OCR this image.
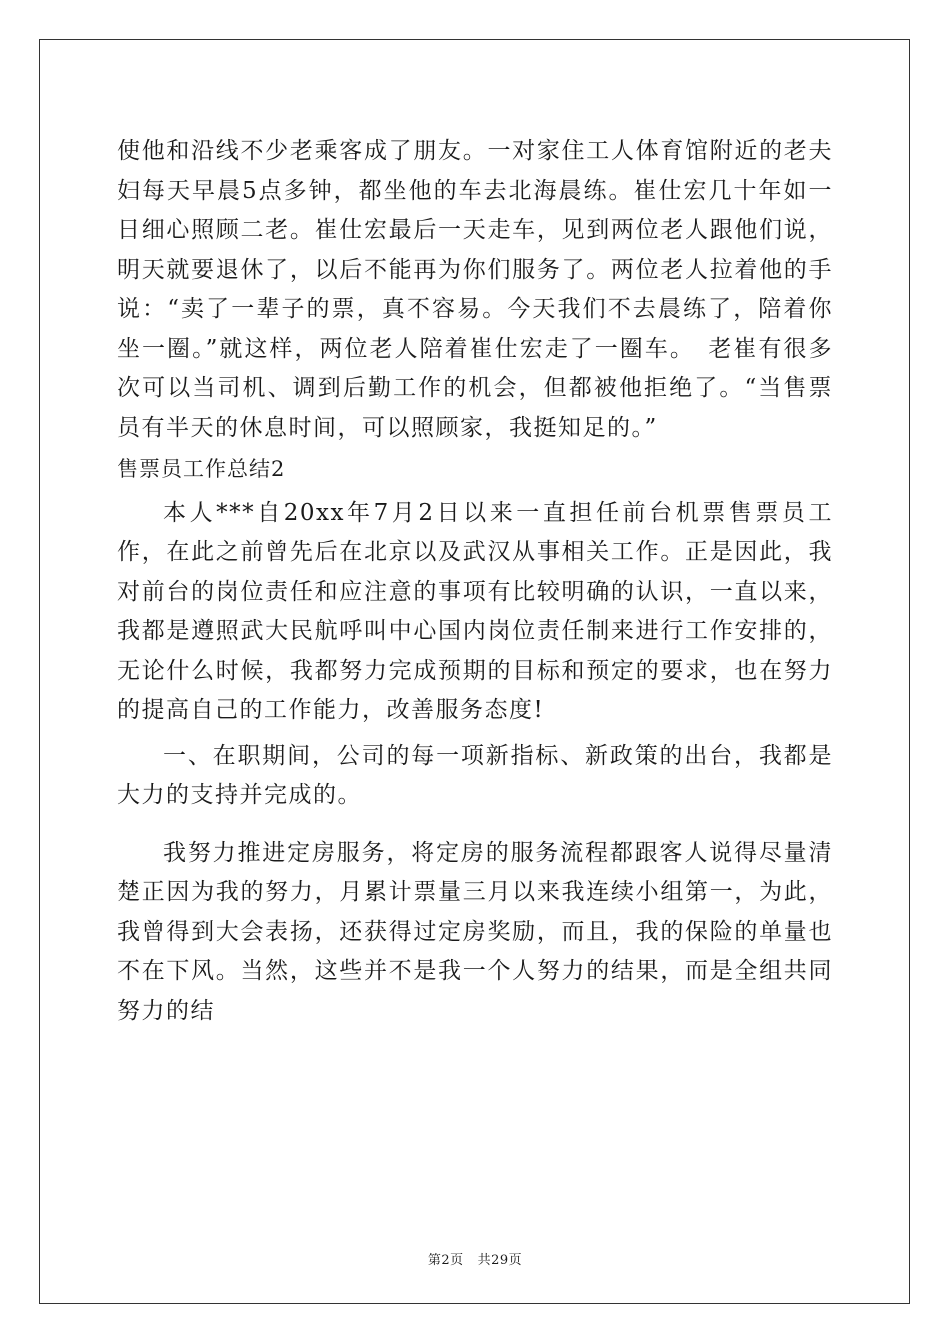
使他和沿线不少老乘客成了朋友。一对家住工人体育馆附近的老夫妇每天早晨5点多钟，都坐他的车去北海晨练。崔仕宏几十年如一日细心照顾二老。崔仕宏最后一天走车，见到两位老人跟他们说，明天就要退休了，以后不能再为你们服务了。两位老人拉着他的手说：“卖了一辈子的票，真不容易。今天我们不去晨练了，陪着你坐一圈。”就这样，两位老人陪着崔仕宏走了一圈车。　老崔有很多次可以当司机、调到后勤工作的机会，但都被他拒绝了。“当售票员有半天的休息时间，可以照顾家，我挺知足的。”

售票员工作总结2

本人***自20xx年7月2日以来一直担任前台机票售票员工作，在此之前曾先后在北京以及武汉从事相关工作。正是因此，我对前台的岗位责任和应注意的事项有比较明确的认识，一直以来，我都是遵照武大民航呼叫中心国内岗位责任制来进行工作安排的，无论什么时候，我都努力完成预期的目标和预定的要求，也在努力的提高自己的工作能力，改善服务态度!

一、在职期间，公司的每一项新指标、新政策的出台，我都是大力的支持并完成的。

我努力推进定房服务，将定房的服务流程都跟客人说得尽量清楚正因为我的努力，月累计票量三月以来我连续小组第一，为此，我曾得到大会表扬，还获得过定房奖励，而且，我的保险的单量也不在下风。当然，这些并不是我一个人努力的结果，而是全组共同努力的结

第2页 共29页
